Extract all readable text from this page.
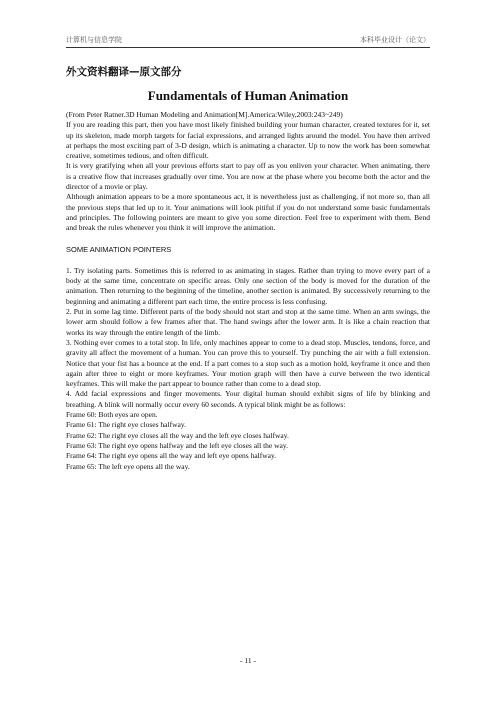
计算机与信息学院	本科毕业设计（论文）
外文资料翻译—原文部分
Fundamentals of Human Animation

(From Peter Ratner.3D Human Modeling and Animation[M].America:Wiley,2003:243~249)

If you are reading this part, then you have most likely finished building your human character, created textures for it, set up its skeleton, made morph targets for facial expressions, and arranged lights around the model. You have then arrived at perhaps the most exciting part of 3-D design, which is animating a character. Up to now the work has been somewhat creative, sometimes tedious, and often difficult.

It is very gratifying when all your previous efforts start to pay off as you enliven your character. When animating, there is a creative flow that increases gradually over time. You are now at the phase where you become both the actor and the director of a movie or play.

Although animation appears to be a more spontaneous act, it is nevertheless just as challenging, if not more so, than all the previous steps that led up to it. Your animations will look pitiful if you do not understand some basic fundamentals and principles. The following pointers are meant to give you some direction. Feel free to experiment with them. Bend and break the rules whenever you think it will improve the animation.

SOME ANIMATION POINTERS

1. Try isolating parts. Sometimes this is referred to as animating in stages. Rather than trying to move every part of a body at the same time, concentrate on specific areas. Only one section of the body is moved for the duration of the animation. Then returning to the beginning of the timeline, another section is animated. By successively returning to the beginning and animating a different part each time, the entire process is less confusing.

2. Put in some lag time. Different parts of the body should not start and stop at the same time. When an arm swings, the lower arm should follow a few frames after that. The hand swings after the lower arm. It is like a chain reaction that works its way through the entire length of the limb.

3. Nothing ever comes to a total stop. In life, only machines appear to come to a dead stop. Muscles, tendons, force, and gravity all affect the movement of a human. You can prove this to yourself. Try punching the air with a full extension. Notice that your fist has a bounce at the end. If a part comes to a stop such as a motion hold, keyframe it once and then again after three to eight or more keyframes. Your motion graph will then have a curve between the two identical keyframes. This will make the part appear to bounce rather than come to a dead stop.

4. Add facial expressions and finger movements. Your digital human should exhibit signs of life by blinking and breathing. A blink will normally occur every 60 seconds. A typical blink might be as follows:

Frame 60: Both eyes are open.

Frame 61: The right eye closes halfway.

Frame 62: The right eye closes all the way and the left eye closes halfway.

Frame 63: The right eye opens halfway and the left eye closes all the way.

Frame 64: The right eye opens all the way and left eye opens halfway.

Frame 65: The left eye opens all the way.

- 11 -
